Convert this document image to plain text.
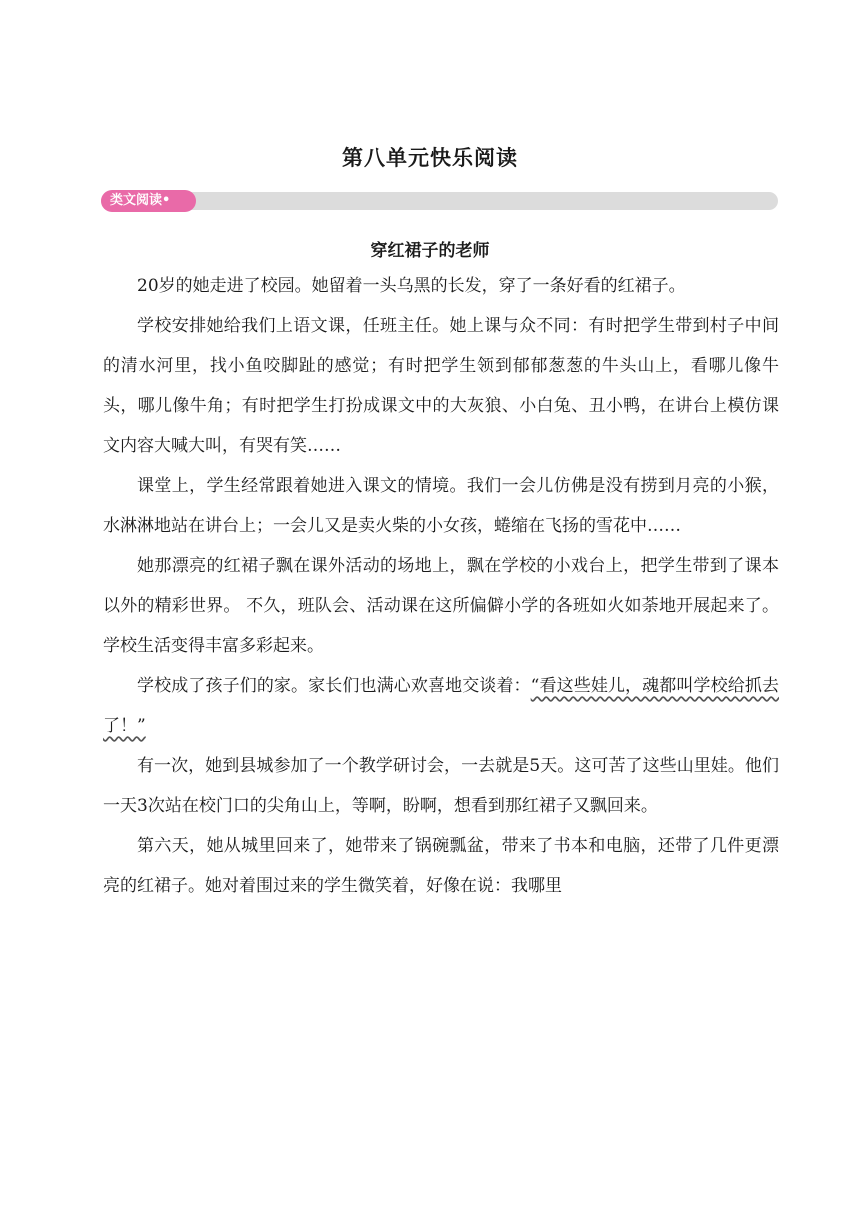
第八单元快乐阅读
类文阅读•
穿红裙子的老师

20岁的她走进了校园。她留着一头乌黑的长发，穿了一条好看的红裙子。

学校安排她给我们上语文课，任班主任。她上课与众不同：有时把学生带到村子中间的清水河里，找小鱼咬脚趾的感觉；有时把学生领到郁郁葱葱的牛头山上，看哪儿像牛头，哪儿像牛角；有时把学生打扮成课文中的大灰狼、小白兔、丑小鸭，在讲台上模仿课文内容大喊大叫，有哭有笑……

课堂上，学生经常跟着她进入课文的情境。我们一会儿仿佛是没有捞到月亮的小猴，水淋淋地站在讲台上；一会儿又是卖火柴的小女孩，蜷缩在飞扬的雪花中……

她那漂亮的红裙子飘在课外活动的场地上，飘在学校的小戏台上，把学生带到了课本以外的精彩世界。 不久，班队会、活动课在这所偏僻小学的各班如火如荼地开展起来了。学校生活变得丰富多彩起来。

学校成了孩子们的家。家长们也满心欢喜地交谈着：“看这些娃儿，魂都叫学校给抓去了！”

有一次，她到县城参加了一个教学研讨会，一去就是5天。这可苦了这些山里娃。他们一天3次站在校门口的尖角山上，等啊，盼啊，想看到那红裙子又飘回来。

第六天，她从城里回来了，她带来了锅碗瓢盆，带来了书本和电脑，还带了几件更漂亮的红裙子。她对着围过来的学生微笑着，好像在说：我哪里
